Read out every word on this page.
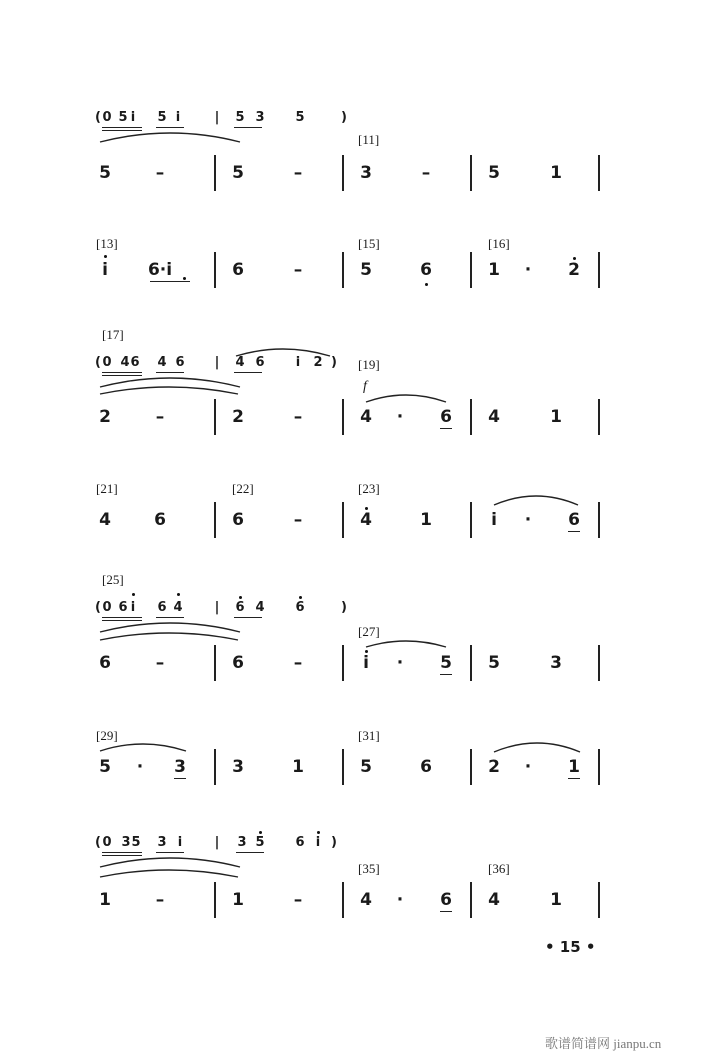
( 0 5 i 5 i	| 5 3 5	)
[11]
5	–	5	–	3	–	5	1
[13]	[15]	[16]
i 6·i	6	–	5	6	1 · 2
( 0 4 6 4 6 | 4 6 i 2 )
[17]
[19]
2	–	2	–	4 · 6 4	1
[21]	[22]	[23]
4	6	6	–	4	1	i · 6
( 0 6 i 6 4 | 6 4 6	)
[25]
[27]
6	–	6	–	i · 5 5	3
[29]	[31]
5 · 3	3	1	5	6	2 · 1
( 0 3 5 3 i | 3 5 6 i )
[35]	[36]
1	–	1	–	4 · 6 4	1
f
• 15 •
歌谱简谱网 jianpu.cn
